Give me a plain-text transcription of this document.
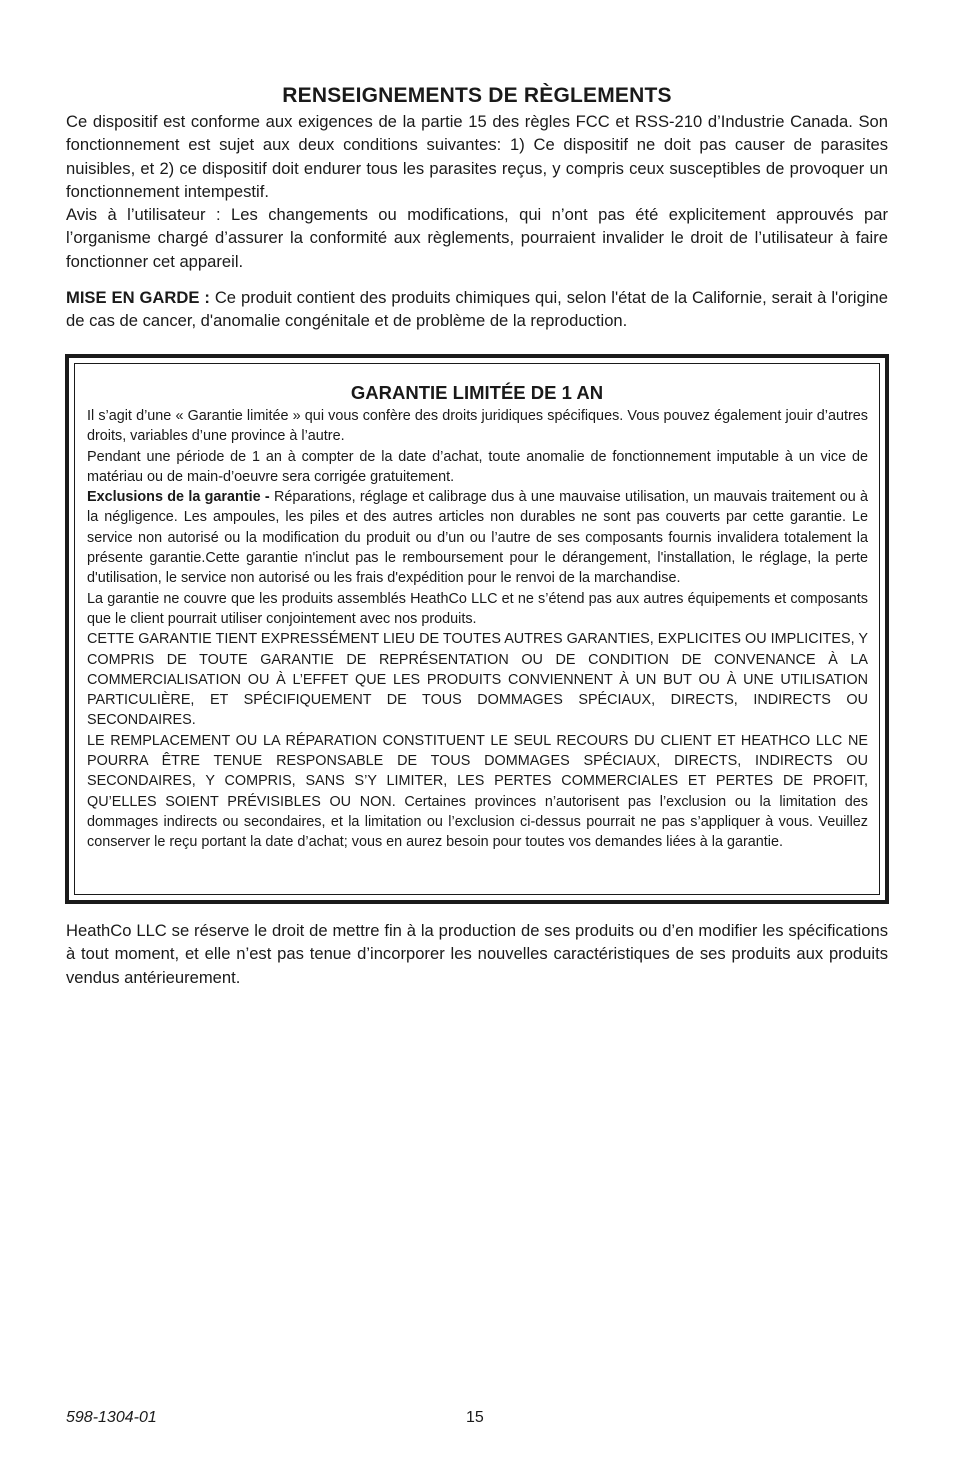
RENSEIGNEMENTS DE RÈGLEMENTS

Ce dispositif est conforme aux exigences de la partie 15 des règles FCC et RSS-210 d’Industrie Canada. Son fonctionnement est sujet aux deux conditions suivantes: 1) Ce dispositif ne doit pas causer de parasites nuisibles, et 2) ce dispositif doit endurer tous les parasites reçus, y compris ceux susceptibles de provoquer un fonctionnement intempestif.

Avis à l’utilisateur : Les changements ou modifications, qui n’ont pas été explicitement approuvés par l’organisme chargé d’assurer la conformité aux règlements, pourraient invalider le droit de l’utilisateur à faire fonctionner cet appareil.

MISE EN GARDE : Ce produit contient des produits chimiques qui, selon l'état de la Californie, serait à l'origine de cas de cancer, d'anomalie congénitale et de problème de la reproduction.

GARANTIE LIMITÉE DE 1 AN

Il s’agit d’une « Garantie limitée » qui vous confère des droits juridiques spécifiques. Vous pouvez également jouir d’autres droits, variables d’une province à l’autre.

Pendant une période de 1 an à compter de la date d’achat, toute anomalie de fonctionnement imputable à un vice de matériau ou de main-d’oeuvre sera corrigée gratuitement.

Exclusions de la garantie - Réparations, réglage et calibrage dus à une mauvaise utilisation, un mauvais traitement ou à la négligence. Les ampoules, les piles et des autres articles non durables ne sont pas couverts par cette garantie. Le service non autorisé ou la modification du produit ou d’un ou l’autre de ses composants fournis invalidera totalement la présente garantie.Cette garantie n'inclut pas le remboursement pour le dérangement, l'installation, le réglage, la perte d'utilisation, le service non autorisé ou les frais d'expédition pour le renvoi de la marchandise.

La garantie ne couvre que les produits assemblés HeathCo LLC et ne s’étend pas aux autres équipements et composants que le client pourrait utiliser conjointement avec nos produits.

CETTE GARANTIE TIENT EXPRESSÉMENT LIEU DE TOUTES AUTRES GARANTIES, EXPLICITES OU IMPLICITES, Y COMPRIS DE TOUTE GARANTIE DE REPRÉSENTATION OU DE CONDITION DE CONVENANCE À LA COMMERCIALISATION OU À L’EFFET QUE LES PRODUITS CONVIENNENT À UN BUT OU À UNE UTILISATION PARTICULIÈRE, ET SPÉCIFIQUEMENT DE TOUS DOMMAGES SPÉCIAUX, DIRECTS, INDIRECTS OU SECONDAIRES.

LE REMPLACEMENT OU LA RÉPARATION CONSTITUENT LE SEUL RECOURS DU CLIENT ET HEATHCO LLC NE POURRA ÊTRE TENUE RESPONSABLE DE TOUS DOMMAGES SPÉCIAUX, DIRECTS, INDIRECTS OU SECONDAIRES, Y COMPRIS, SANS S’Y LIMITER, LES PERTES COMMERCIALES ET PERTES DE PROFIT, QU’ELLES SOIENT PRÉVISIBLES OU NON. Certaines provinces n’autorisent pas l’exclusion ou la limitation des dommages indirects ou secondaires, et la limitation ou l’exclusion ci-dessus pourrait ne pas s’appliquer à vous. Veuillez conserver le reçu portant la date d’achat; vous en aurez besoin pour toutes vos demandes liées à la garantie.

HeathCo LLC se réserve le droit de mettre fin à la production de ses produits ou d’en modifier les spécifications à tout moment, et elle n’est pas tenue d’incorporer les nouvelles caractéristiques de ses produits aux produits vendus antérieurement.

598-1304-01	15
